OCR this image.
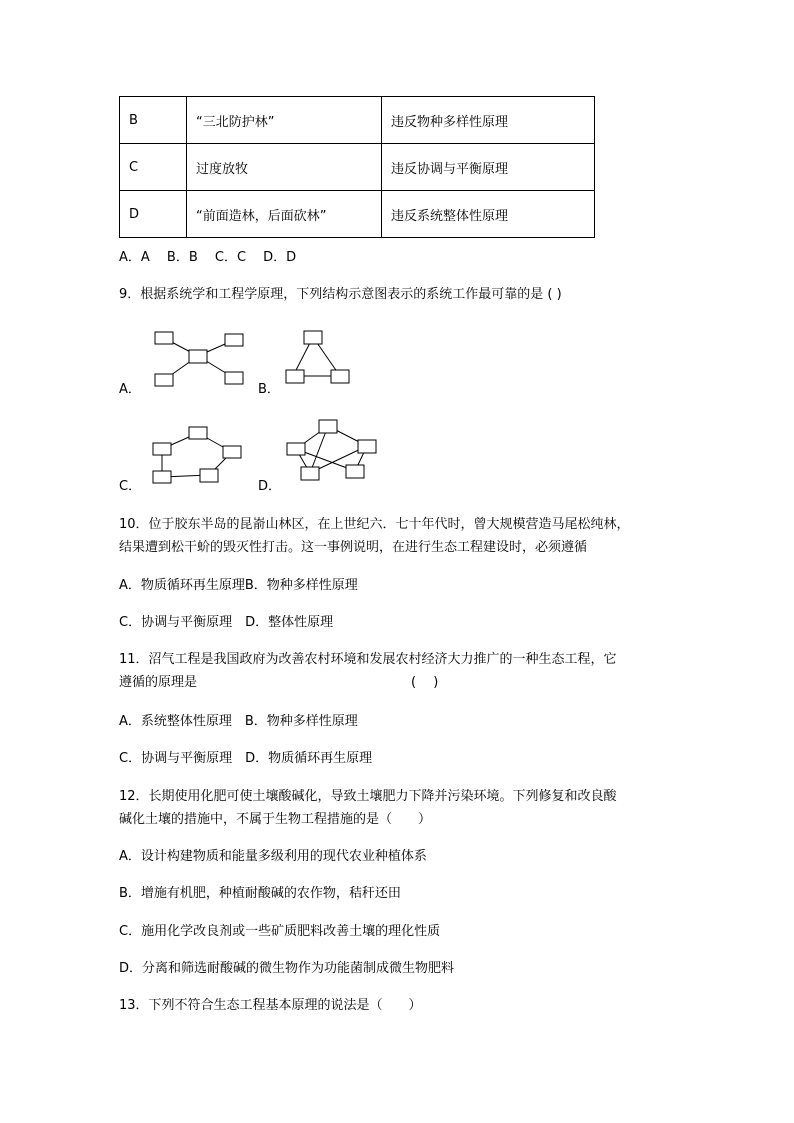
B	“三北防护林”	违反物种多样性原理
C	过度放牧	违反协调与平衡原理
D	“前面造林，后面砍林”	违反系统整体性原理
A．A　 B．B　 C．C　 D．D
9．根据系统学和工程学原理，下列结构示意图表示的系统工作最可靠的是 ( )
A．	B．
C．	D．
10．位于胶东半岛的昆嵛山林区，在上世纪六．七十年代时，曾大规模营造马尾松纯林，
结果遭到松干蚧的毁灭性打击。这一事例说明，在进行生态工程建设时，必须遵循
A．物质循环再生原理B．物种多样性原理
C．协调与平衡原理　D．整体性原理
11．沼气工程是我国政府为改善农村环境和发展农村经济大力推广的一种生态工程，它
遵循的原理是	(　 )
A．系统整体性原理　B．物种多样性原理
C．协调与平衡原理　D．物质循环再生原理
12．长期使用化肥可使土壤酸碱化，导致土壤肥力下降并污染环境。下列修复和改良酸
碱化土壤的措施中，不属于生物工程措施的是（　　）
A．设计构建物质和能量多级利用的现代农业种植体系
B．增施有机肥，种植耐酸碱的农作物，秸秆还田
C．施用化学改良剂或一些矿质肥料改善土壤的理化性质
D．分离和筛选耐酸碱的微生物作为功能菌制成微生物肥料
13．下列不符合生态工程基本原理的说法是（　　）
